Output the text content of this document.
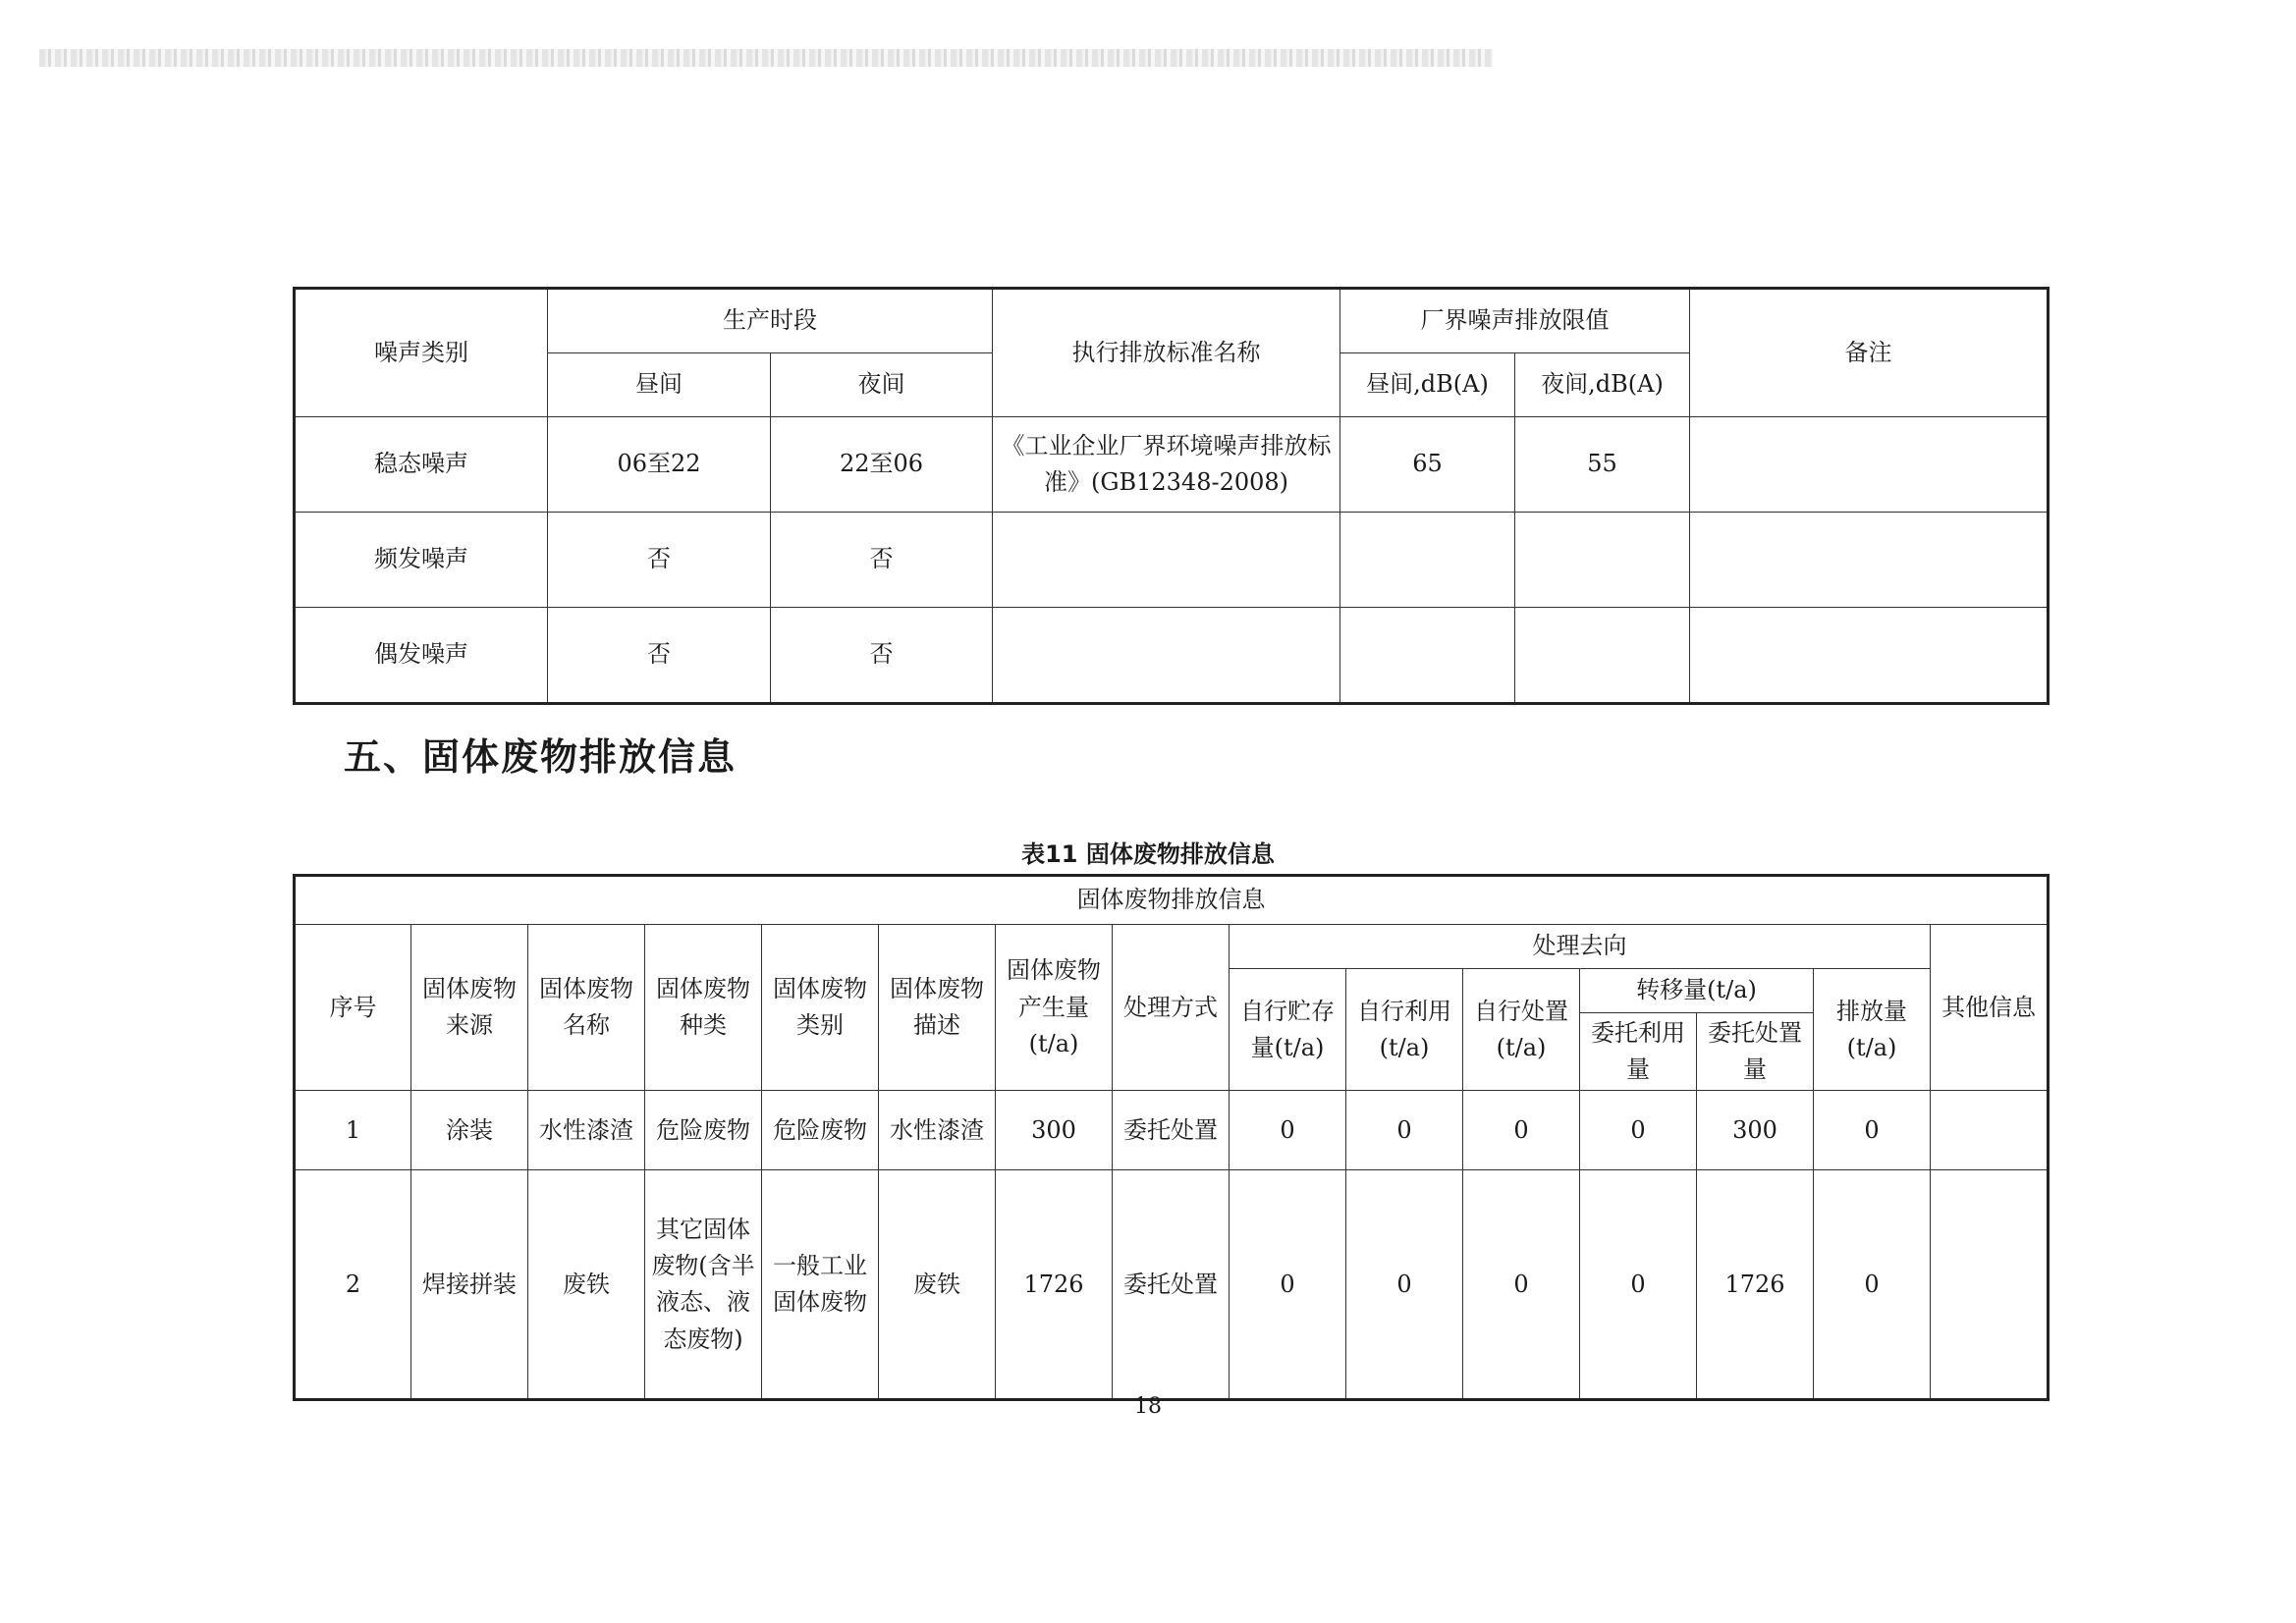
噪声类别	生产时段		执行排放标准名称	厂界噪声排放限值		备注
	昼间	夜间		昼间,dB(A)	夜间,dB(A)	
稳态噪声	06至22	22至06	《工业企业厂界环境噪声排放标准》(GB12348-2008)	65	55	
频发噪声	否	否				
偶发噪声	否	否				
五、固体废物排放信息
表11 固体废物排放信息
固体废物排放信息														
序号	固体废物来源	固体废物名称	固体废物种类	固体废物类别	固体废物描述	固体废物产生量(t/a)	处理方式	处理去向						其他信息
								自行贮存量(t/a)	自行利用(t/a)	自行处置(t/a)	转移量(t/a)		排放量(t/a)	
											委托利用量	委托处置量		
1	涂装	水性漆渣	危险废物	危险废物	水性漆渣	300	委托处置	0	0	0	0	300	0	
2	焊接拼装	废铁	其它固体废物(含半液态、液态废物)	一般工业固体废物	废铁	1726	委托处置	0	0	0	0	1726	0	
18
